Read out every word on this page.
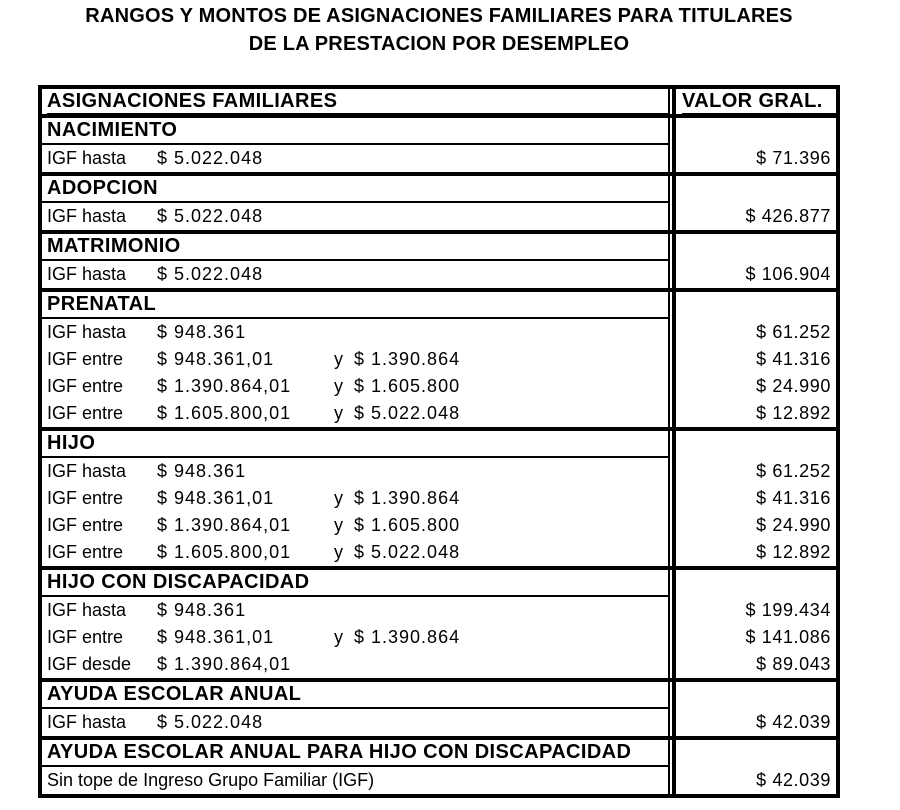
RANGOS Y MONTOS DE ASIGNACIONES FAMILIARES PARA TITULARES
DE LA PRESTACION POR DESEMPLEO
ASIGNACIONES FAMILIARES	VALOR GRAL.
NACIMIENTO
IGF hasta	$ 5.022.048	$ 71.396
ADOPCION
IGF hasta	$ 5.022.048	$ 426.877
MATRIMONIO
IGF hasta	$ 5.022.048	$ 106.904
PRENATAL
IGF hasta	$ 948.361	$ 61.252
IGF entre	$ 948.361,01	y $ 1.390.864	$ 41.316
IGF entre	$ 1.390.864,01	y $ 1.605.800	$ 24.990
IGF entre	$ 1.605.800,01	y $ 5.022.048	$ 12.892
HIJO
IGF hasta	$ 948.361	$ 61.252
IGF entre	$ 948.361,01	y $ 1.390.864	$ 41.316
IGF entre	$ 1.390.864,01	y $ 1.605.800	$ 24.990
IGF entre	$ 1.605.800,01	y $ 5.022.048	$ 12.892
HIJO CON DISCAPACIDAD
IGF hasta	$ 948.361	$ 199.434
IGF entre	$ 948.361,01	y $ 1.390.864	$ 141.086
IGF desde	$ 1.390.864,01	$ 89.043
AYUDA ESCOLAR ANUAL
IGF hasta	$ 5.022.048	$ 42.039
AYUDA ESCOLAR ANUAL PARA HIJO CON DISCAPACIDAD
Sin tope de Ingreso Grupo Familiar (IGF)	$ 42.039
